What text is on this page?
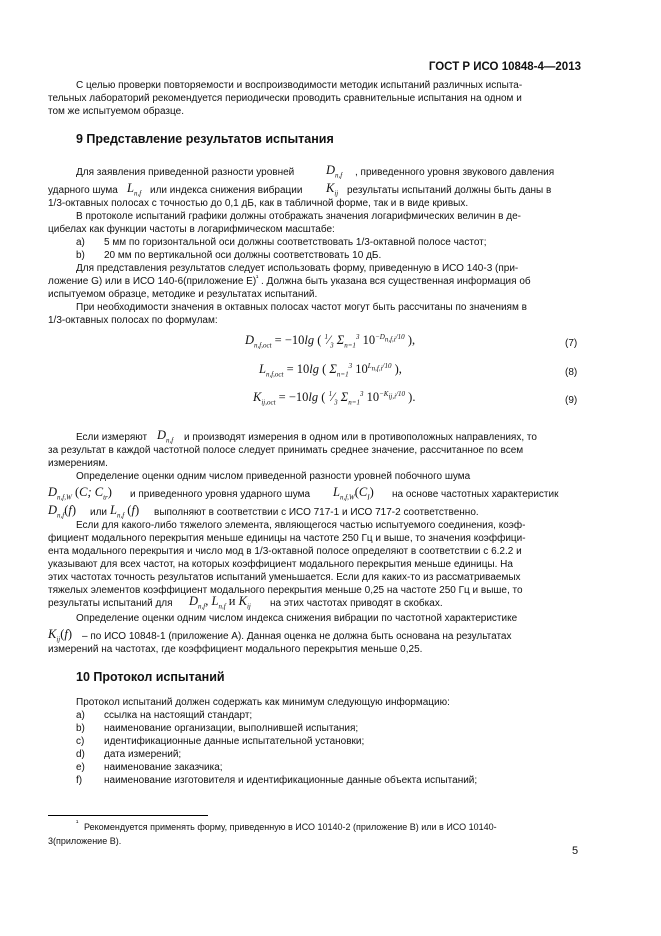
ГОСТ Р ИСО 10848-4—2013
С целью проверки повторяемости и воспроизводимости методик испытаний различных испыта-
тельных лабораторий рекомендуется периодически проводить сравнительные испытания на одном и
том же испытуемом образце.
9 Представление результатов испытания
Для заявления приведенной разности уровней	$D_{n,f}$ , приведенного уровня звукового давления
ударного шума $L_{n,f}$ или индекса снижения вибрации $K_{ij}$ результаты испытаний должны быть даны в
1/3-октавных полосах с точностью до 0,1 дБ, как в табличной форме, так и в виде кривых.
В протоколе испытаний графики должны отображать значения логарифмических величин в де-
цибелах как функции частоты в логарифмическом масштабе:
a) 5 мм по горизонтальной оси должны соответствовать 1/3-октавной полосе частот;
b) 20 мм по вертикальной оси должны соответствовать 10 дБ.
Для представления результатов следует использовать форму, приведенную в ИСО 140-3 (при-
ложение G) или в ИСО 140-6(приложение Е) ¹ . Должна быть указана вся существенная информация об
испытуемом образце, методике и результатах испытаний.
При необходимости значения в октавных полосах частот могут быть рассчитаны по значениям в
1/3-октавных полосах по формулам:
$D_{n,f,oct} = -10\lg$ ( $^1⁄_3$ $\Sigma_{n=1}^3$ $10^{-D_{n,f,i}/10}$ ),	(7)
$L_{n,f,oct} = 10\lg$ ( $\Sigma_{n=1}^3$ $10^{L_{n,f,i}/10}$ ),	(8)
$K_{ij,oct} = -10\lg$ ( $^1⁄_3$ $\Sigma_{n=1}^3$ $10^{-K_{ij,i}/10}$ ).	(9)
Если измеряют $D_{n,f}$ и производят измерения в одном или в противоположных направлениях, то
за результат в каждой частотной полосе следует принимать среднее значение, рассчитанное по всем
измерениям.
Определение оценки одним числом приведенной разности уровней побочного шума
$D_{n,f,W}$ (C; $C_{tr}$) и приведенного уровня ударного шума $L_{n,f,W}(C_I)$ на основе частотных характеристик
$D_{n,f}(f)$ или $L_{n,f}$ (f) выполняют в соответствии с ИСО 717-1 и ИСО 717-2 соответственно.
Если для какого-либо тяжелого элемента, являющегося частью испытуемого соединения, коэф-
фициент модального перекрытия меньше единицы на частоте 250 Гц и выше, то значения коэффици-
ента модального перекрытия и число мод в 1/3-октавной полосе определяют в соответствии с 6.2.2 и
указывают для всех частот, на которых коэффициент модального перекрытия меньше единицы. На
этих частотах точность результатов испытаний уменьшается. Если для каких-то из рассматриваемых
тяжелых элементов коэффициент модального перекрытия меньше 0,25 на частоте 250 Гц и выше, то
результаты испытаний для $D_{n,f}$, $L_{n,f}$ и $K_{ij}$ на этих частотах приводят в скобках.
Определение оценки одним числом индекса снижения вибрации по частотной характеристике
$K_{ij}(f)$ – по ИСО 10848-1 (приложение А). Данная оценка не должна быть основана на результатах
измерений на частотах, где коэффициент модального перекрытия меньше 0,25.
10 Протокол испытаний
Протокол испытаний должен содержать как минимум следующую информацию:
a) ссылка на настоящий стандарт;
b) наименование организации, выполнившей испытания;
c) идентификационные данные испытательной установки;
d) дата измерений;
e) наименование заказчика;
f) наименование изготовителя и идентификационные данные объекта испытаний;
¹ Рекомендуется применять форму, приведенную в ИСО 10140-2 (приложение В) или в ИСО 10140-
3(приложение В).
5
